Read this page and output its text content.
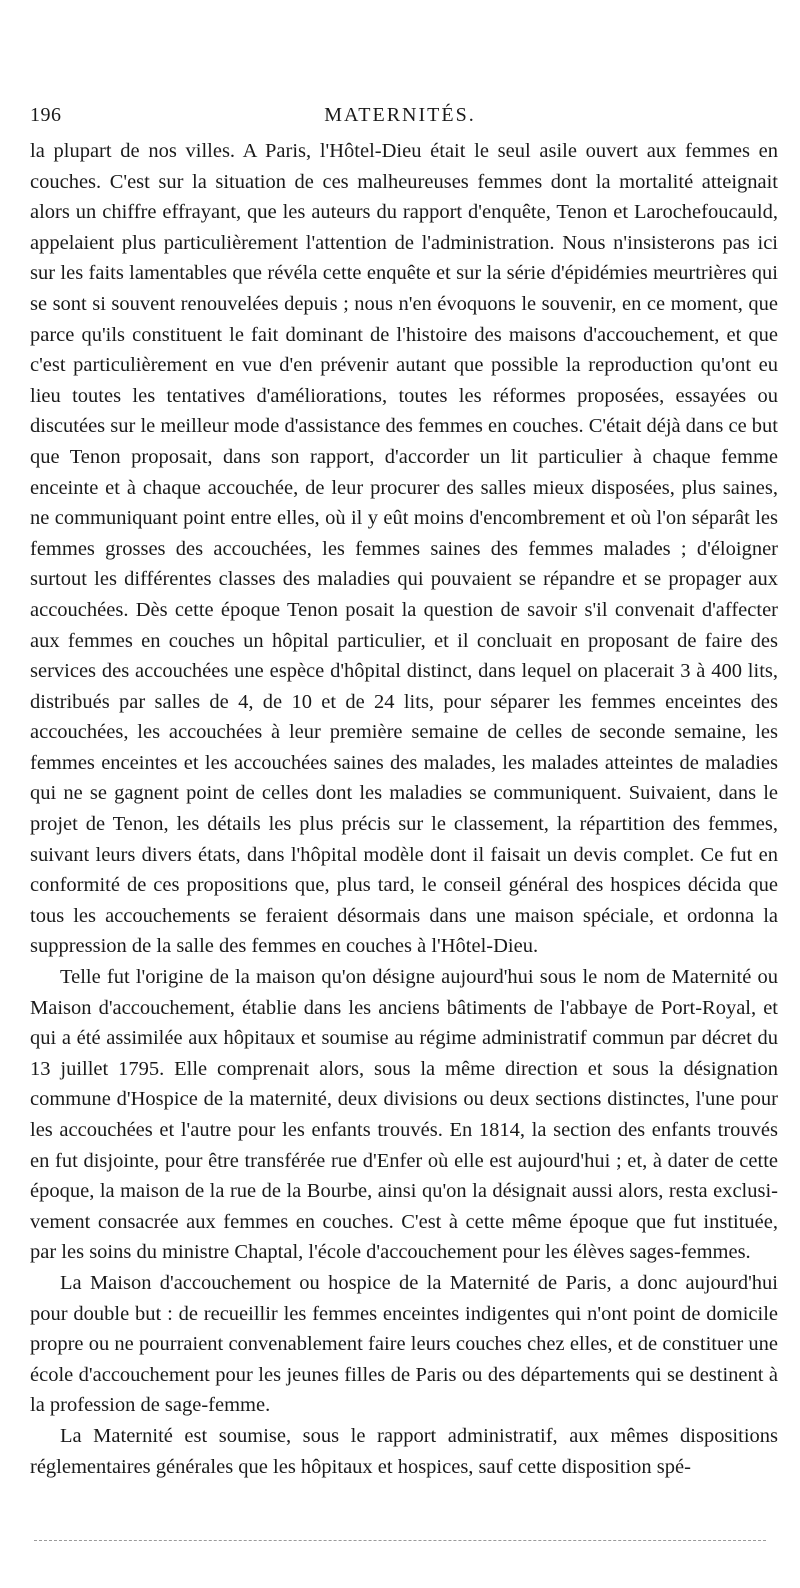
196	MATERNITÉS.

la plupart de nos villes. A Paris, l'Hôtel-Dieu était le seul asile ouvert aux femmes en couches. C'est sur la situation de ces malheureuses femmes dont la mortalité atteignait alors un chiffre effrayant, que les auteurs du rapport d'enquête, Tenon et Larochefoucauld, appelaient plus particulièrement l'attention de l'administration. Nous n'insisterons pas ici sur les faits lamentables que révéla cette enquête et sur la série d'épidémies meurtrières qui se sont si souvent renouvelées depuis ; nous n'en évoquons le souvenir, en ce moment, que parce qu'ils constituent le fait dominant de l'histoire des maisons d'accouchement, et que c'est particulièrement en vue d'en prévenir autant que possible la reproduction qu'ont eu lieu toutes les tentatives d'améliorations, toutes les réformes proposées, essayées ou discutées sur le meilleur mode d'assistance des femmes en couches. C'était déjà dans ce but que Tenon proposait, dans son rapport, d'accorder un lit particulier à chaque femme enceinte et à chaque accouchée, de leur procurer des salles mieux disposées, plus saines, ne communiquant point entre elles, où il y eût moins d'encombrement et où l'on séparât les femmes grosses des accouchées, les femmes saines des femmes malades ; d'éloigner surtout les différentes classes des maladies qui pouvaient se répandre et se propager aux accouchées. Dès cette époque Tenon posait la question de savoir s'il convenait d'affecter aux femmes en couches un hôpital particulier, et il concluait en proposant de faire des services des accouchées une espèce d'hôpital distinct, dans lequel on placerait 3 à 400 lits, distribués par salles de 4, de 10 et de 24 lits, pour séparer les femmes enceintes des accouchées, les accouchées à leur première semaine de celles de seconde semaine, les femmes enceintes et les accouchées saines des malades, les malades atteintes de maladies qui ne se gagnent point de celles dont les maladies se communiquent. Suivaient, dans le projet de Tenon, les détails les plus précis sur le classement, la répartition des femmes, suivant leurs divers états, dans l'hôpital modèle dont il faisait un devis complet. Ce fut en conformité de ces propositions que, plus tard, le conseil général des hospices décida que tous les accouchements se feraient désormais dans une maison spéciale, et ordonna la suppression de la salle des femmes en couches à l'Hôtel-Dieu.

Telle fut l'origine de la maison qu'on désigne aujourd'hui sous le nom de Maternité ou Maison d'accouchement, établie dans les anciens bâtiments de l'abbaye de Port-Royal, et qui a été assimilée aux hôpitaux et soumise au régime administratif commun par décret du 13 juillet 1795. Elle comprenait alors, sous la même direction et sous la désignation commune d'Hospice de la maternité, deux divisions ou deux sections distinctes, l'une pour les accouchées et l'autre pour les enfants trouvés. En 1814, la section des enfants trouvés en fut disjointe, pour être transférée rue d'Enfer où elle est aujourd'hui ; et, à dater de cette époque, la maison de la rue de la Bourbe, ainsi qu'on la désignait aussi alors, resta exclusivement consacrée aux femmes en couches. C'est à cette même époque que fut instituée, par les soins du ministre Chaptal, l'école d'accouchement pour les élèves sages-femmes.

La Maison d'accouchement ou hospice de la Maternité de Paris, a donc aujourd'hui pour double but : de recueillir les femmes enceintes indigentes qui n'ont point de domicile propre ou ne pourraient convenablement faire leurs couches chez elles, et de constituer une école d'accouchement pour les jeunes filles de Paris ou des départements qui se destinent à la profession de sage-femme.

La Maternité est soumise, sous le rapport administratif, aux mêmes dispositions réglementaires générales que les hôpitaux et hospices, sauf cette disposition spé-
